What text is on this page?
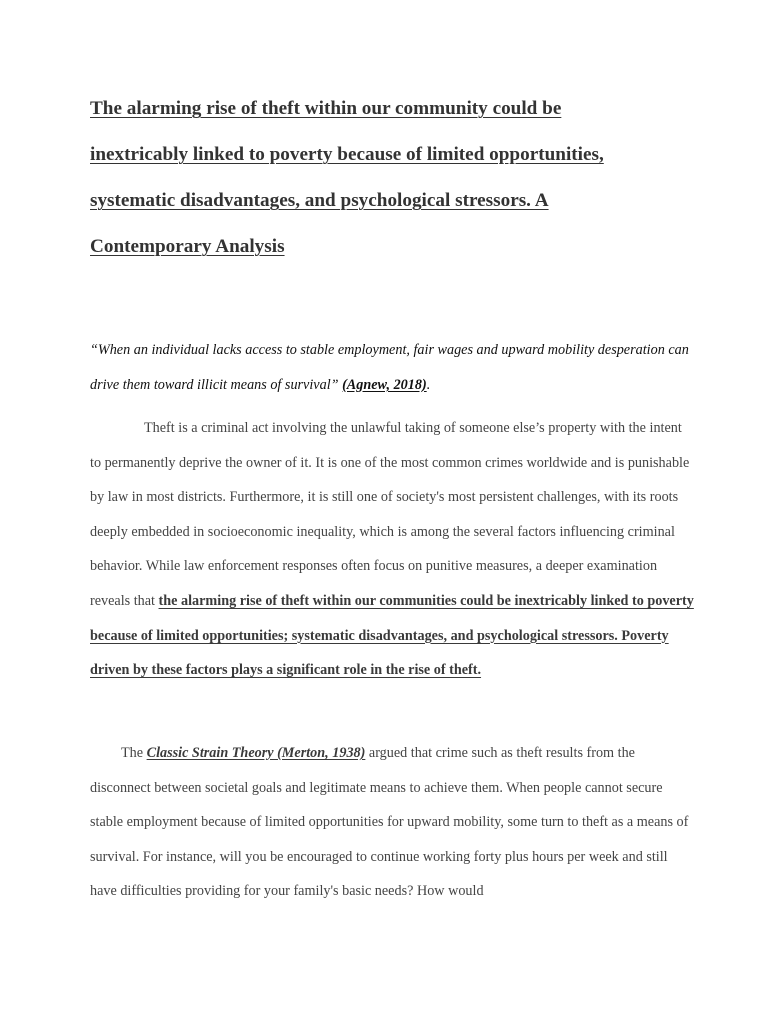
The alarming rise of theft within our community could be
inextricably linked to poverty because of limited opportunities,
systematic disadvantages, and psychological stressors. A
Contemporary Analysis

“When an individual lacks access to stable employment, fair wages and upward mobility desperation can drive them toward illicit means of survival” (Agnew, 2018).

Theft is a criminal act involving the unlawful taking of someone else’s property with the intent to permanently deprive the owner of it. It is one of the most common crimes worldwide and is punishable by law in most districts. Furthermore, it is still one of society's most persistent challenges, with its roots deeply embedded in socioeconomic inequality, which is among the several factors influencing criminal behavior. While law enforcement responses often focus on punitive measures, a deeper examination reveals that the alarming rise of theft within our communities could be inextricably linked to poverty because of limited opportunities; systematic disadvantages, and psychological stressors. Poverty driven by these factors plays a significant role in the rise of theft.

The Classic Strain Theory (Merton, 1938) argued that crime such as theft results from the disconnect between societal goals and legitimate means to achieve them. When people cannot secure stable employment because of limited opportunities for upward mobility, some turn to theft as a means of survival. For instance, will you be encouraged to continue working forty plus hours per week and still have difficulties providing for your family's basic needs? How would
